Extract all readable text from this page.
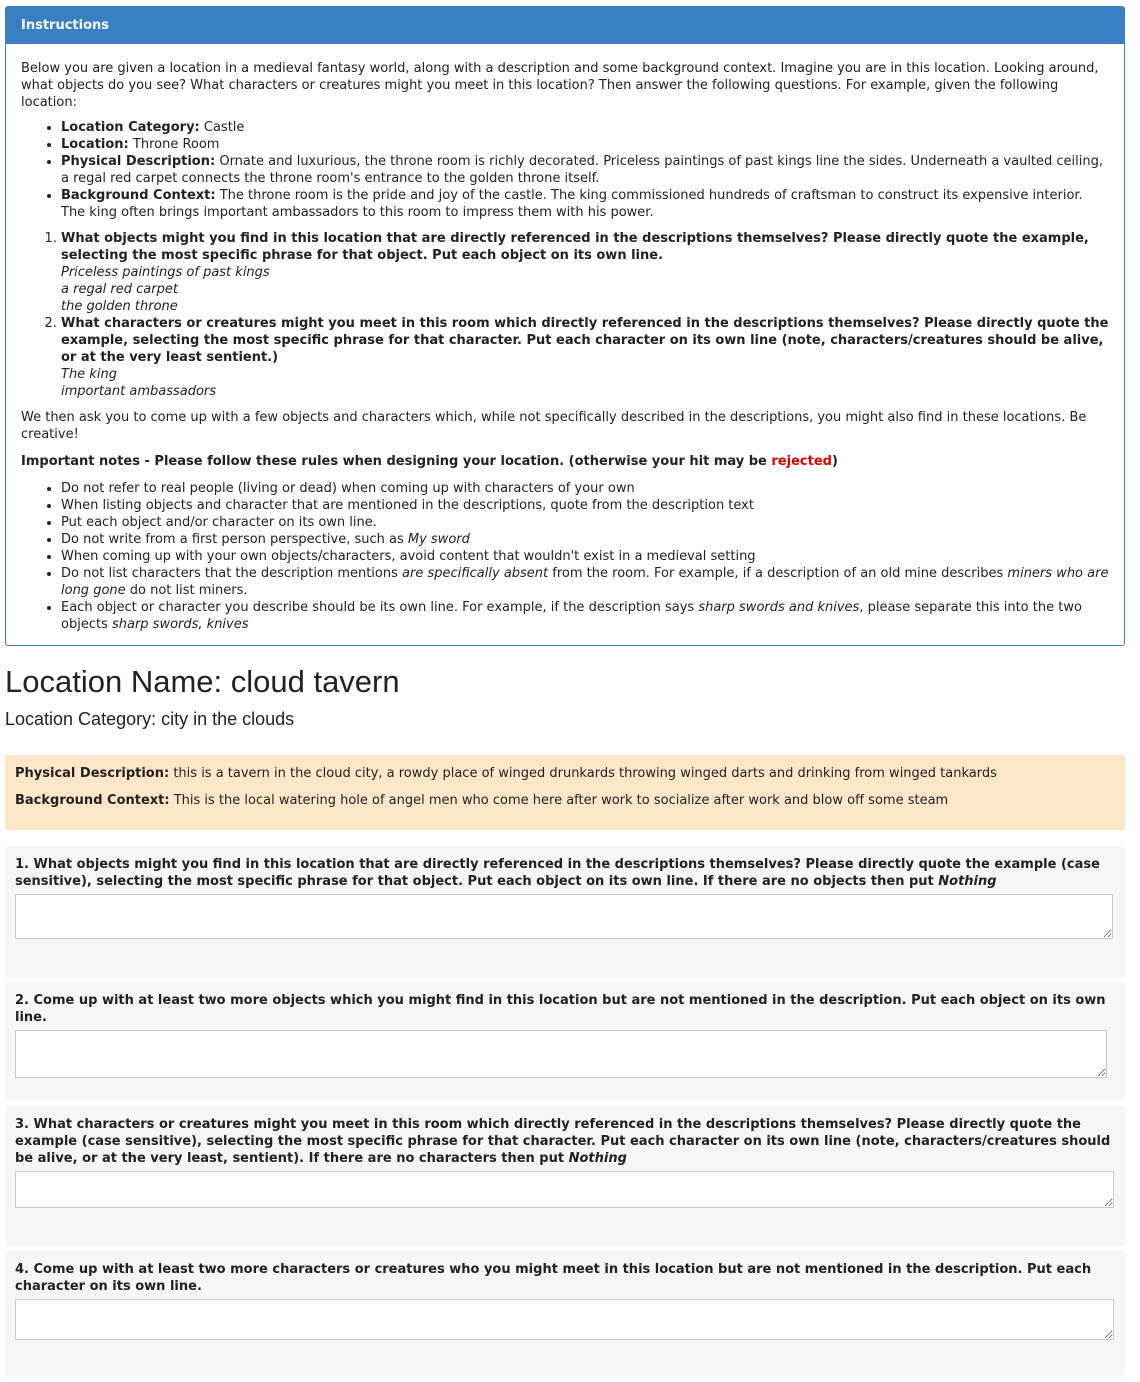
Instructions

Below you are given a location in a medieval fantasy world, along with a description and some background context. Imagine you are in this location. Looking around, what objects do you see? What characters or creatures might you meet in this location? Then answer the following questions. For example, given the following location:

• Location Category: Castle
• Location: Throne Room
• Physical Description: Ornate and luxurious, the throne room is richly decorated. Priceless paintings of past kings line the sides. Underneath a vaulted ceiling, a regal red carpet connects the throne room's entrance to the golden throne itself.
• Background Context: The throne room is the pride and joy of the castle. The king commissioned hundreds of craftsman to construct its expensive interior. The king often brings important ambassadors to this room to impress them with his power.
1. What objects might you find in this location that are directly referenced in the descriptions themselves? Please directly quote the example, selecting the most specific phrase for that object. Put each object on its own line.
Priceless paintings of past kings
a regal red carpet
the golden throne
2. What characters or creatures might you meet in this room which directly referenced in the descriptions themselves? Please directly quote the example, selecting the most specific phrase for that character. Put each character on its own line (note, characters/creatures should be alive, or at the very least sentient.)
The king
important ambassadors

We then ask you to come up with a few objects and characters which, while not specifically described in the descriptions, you might also find in these locations. Be creative!

Important notes - Please follow these rules when designing your location. (otherwise your hit may be rejected)

• Do not refer to real people (living or dead) when coming up with characters of your own
• When listing objects and character that are mentioned in the descriptions, quote from the description text
• Put each object and/or character on its own line.
• Do not write from a first person perspective, such as My sword
• When coming up with your own objects/characters, avoid content that wouldn't exist in a medieval setting
• Do not list characters that the description mentions are specifically absent from the room. For example, if a description of an old mine describes miners who are long gone do not list miners.
• Each object or character you describe should be its own line. For example, if the description says sharp swords and knives, please separate this into the two objects sharp swords, knives
Location Name: cloud tavern
Location Category: city in the clouds

Physical Description: this is a tavern in the cloud city, a rowdy place of winged drunkards throwing winged darts and drinking from winged tankards

Background Context: This is the local watering hole of angel men who come here after work to socialize after work and blow off some steam

1. What objects might you find in this location that are directly referenced in the descriptions themselves? Please directly quote the example (case sensitive), selecting the most specific phrase for that object. Put each object on its own line. If there are no objects then put Nothing

2. Come up with at least two more objects which you might find in this location but are not mentioned in the description. Put each object on its own line.

3. What characters or creatures might you meet in this room which directly referenced in the descriptions themselves? Please directly quote the example (case sensitive), selecting the most specific phrase for that character. Put each character on its own line (note, characters/creatures should be alive, or at the very least, sentient). If there are no characters then put Nothing

4. Come up with at least two more characters or creatures who you might meet in this location but are not mentioned in the description. Put each character on its own line.
